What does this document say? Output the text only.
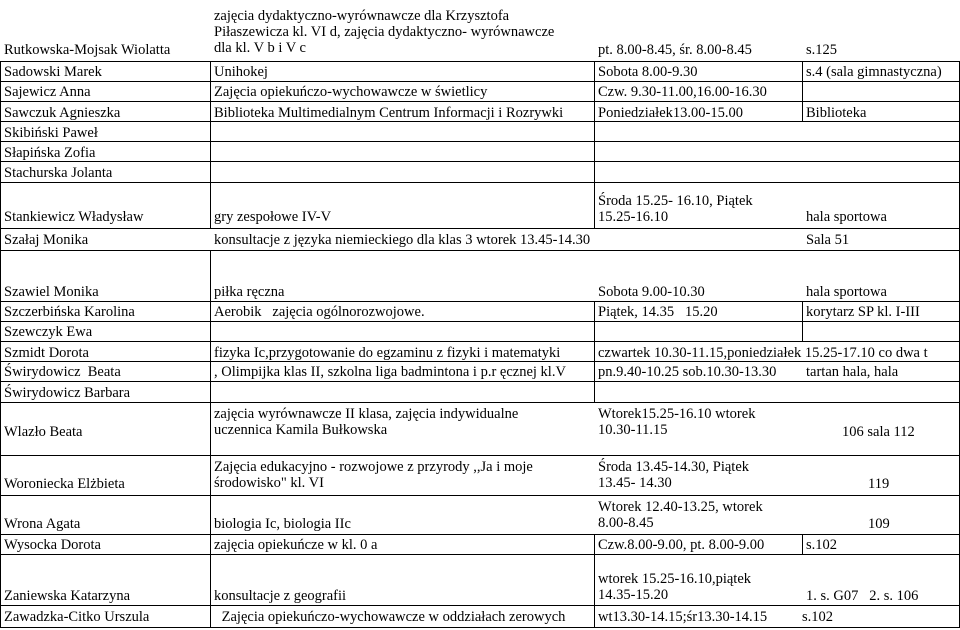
Rutkowska-Mojsak Wiolatta
Sadowski Marek
Sajewicz Anna
Sawczuk Agnieszka
Skibiński Paweł
Słapińska Zofia
Stachurska Jolanta
Stankiewicz Władysław
Szałaj Monika
Szawiel Monika
Szczerbińska Karolina
Szewczyk Ewa
Szmidt Dorota
Świrydowicz  Beata
Świrydowicz Barbara
Wlazło Beata
Woroniecka Elżbieta
Wrona Agata
Wysocka Dorota
Zaniewska Katarzyna
Zawadzka-Citko Urszula
zajęcia dydaktyczno-wyrównawcze dla Krzysztofa
Piłaszewicza kl. VI d, zajęcia dydaktyczno- wyrównawcze
dla kl. V b i V c
Unihokej
Zajęcia opiekuńczo-wychowawcze w świetlicy
Biblioteka Multimedialnym Centrum Informacji i Rozrywki
gry zespołowe IV-V
konsultacje z języka niemieckiego dla klas 3 wtorek 13.45-14.30
piłka ręczna
Aerobik   zajęcia ogólnorozwojowe.
fizyka Ic,przygotowanie do egzaminu z fizyki i matematyki
, Olimpijka klas II, szkolna liga badmintona i p.r ęcznej kl.V
zajęcia wyrównawcze II klasa, zajęcia indywidualne
uczennica Kamila Bułkowska
Zajęcia edukacyjno - rozwojowe z przyrody ,,Ja i moje
środowisko" kl. VI
biologia Ic, biologia IIc
zajęcia opiekuńcze w kl. 0 a
konsultacje z geografii
Zajęcia opiekuńczo-wychowawcze w oddziałach zerowych
pt. 8.00-8.45, śr. 8.00-8.45
Sobota 8.00-9.30
Czw. 9.30-11.00,16.00-16.30
Poniedziałek13.00-15.00
Środa 15.25- 16.10, Piątek
15.25-16.10
Sobota 9.00-10.30
Piątek, 14.35   15.20
czwartek 10.30-11.15,poniedziałek 15.25-17.10 co dwa t
pn.9.40-10.25 sob.10.30-13.30
Wtorek15.25-16.10 wtorek
10.30-11.15
Środa 13.45-14.30, Piątek
13.45- 14.30
Wtorek 12.40-13.25, wtorek
8.00-8.45
Czw.8.00-9.00, pt. 8.00-9.00
wtorek 15.25-16.10,piątek
14.35-15.20
wt13.30-14.15;śr13.30-14.15
s.125
s.4 (sala gimnastyczna)
Biblioteka
hala sportowa
Sala 51
hala sportowa
korytarz SP kl. I-III
tartan hala, hala
106 sala 112
119
109
s.102
1. s. G07   2. s. 106
s.102
